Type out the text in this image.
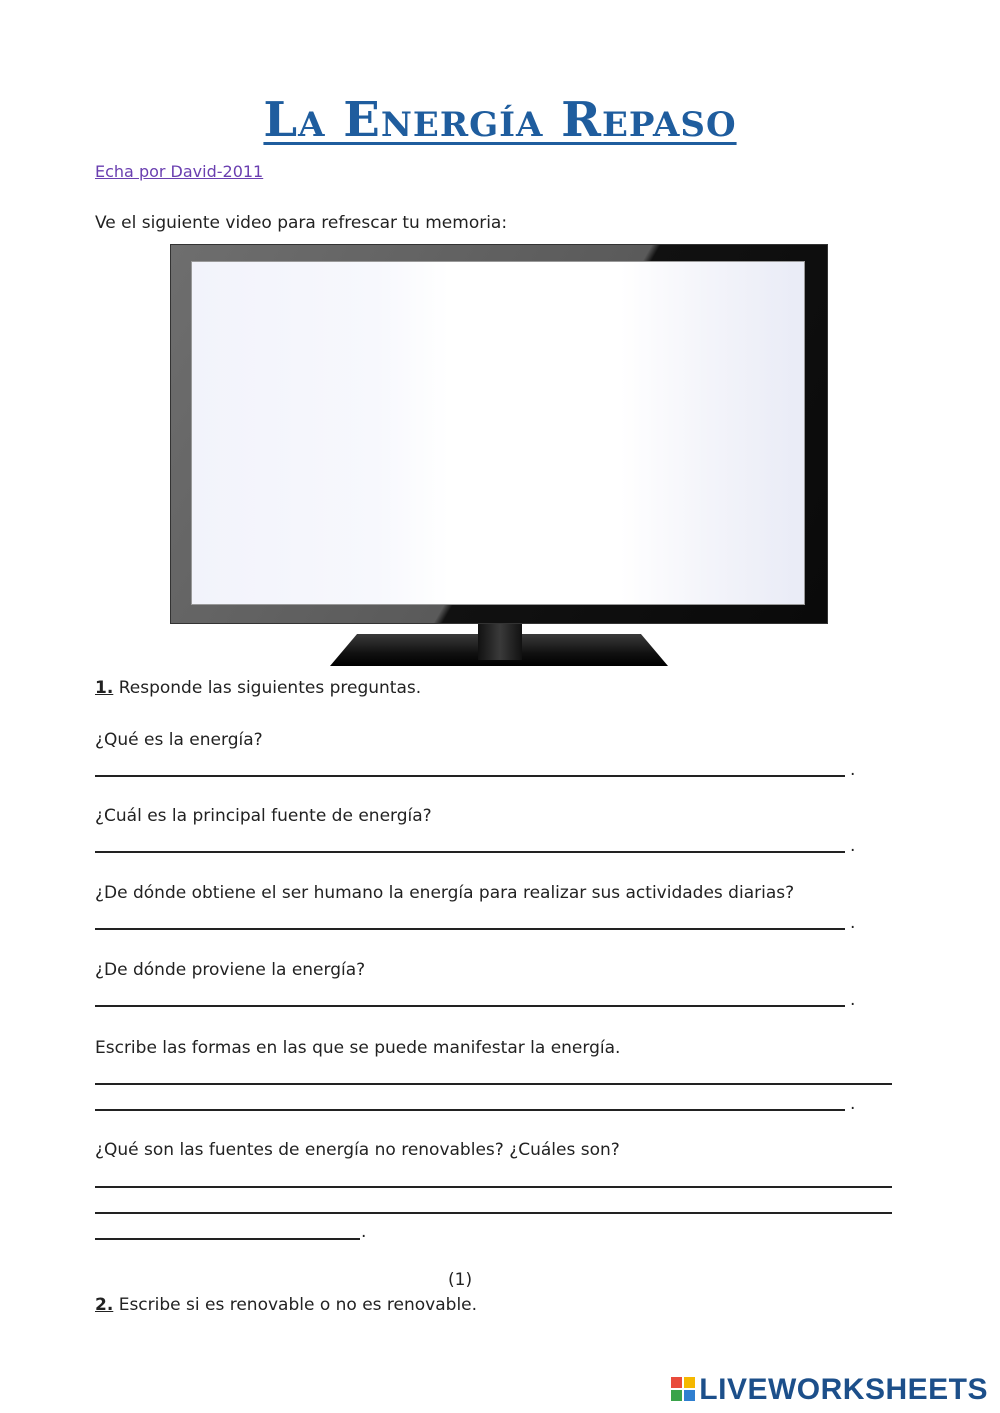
La Energía Repaso
Echa por David-2011
Ve el siguiente video para refrescar tu memoria:
1. Responde las siguientes preguntas.
¿Qué es la energía?
.
¿Cuál es la principal fuente de energía?
.
¿De dónde obtiene el ser humano la energía para realizar sus actividades diarias?
.
¿De dónde proviene la energía?
.
Escribe las formas en las que se puede manifestar la energía.
.
¿Qué son las fuentes de energía no renovables? ¿Cuáles son?
.
(1)
2. Escribe si es renovable o no es renovable.
LIVEWORKSHEETS
